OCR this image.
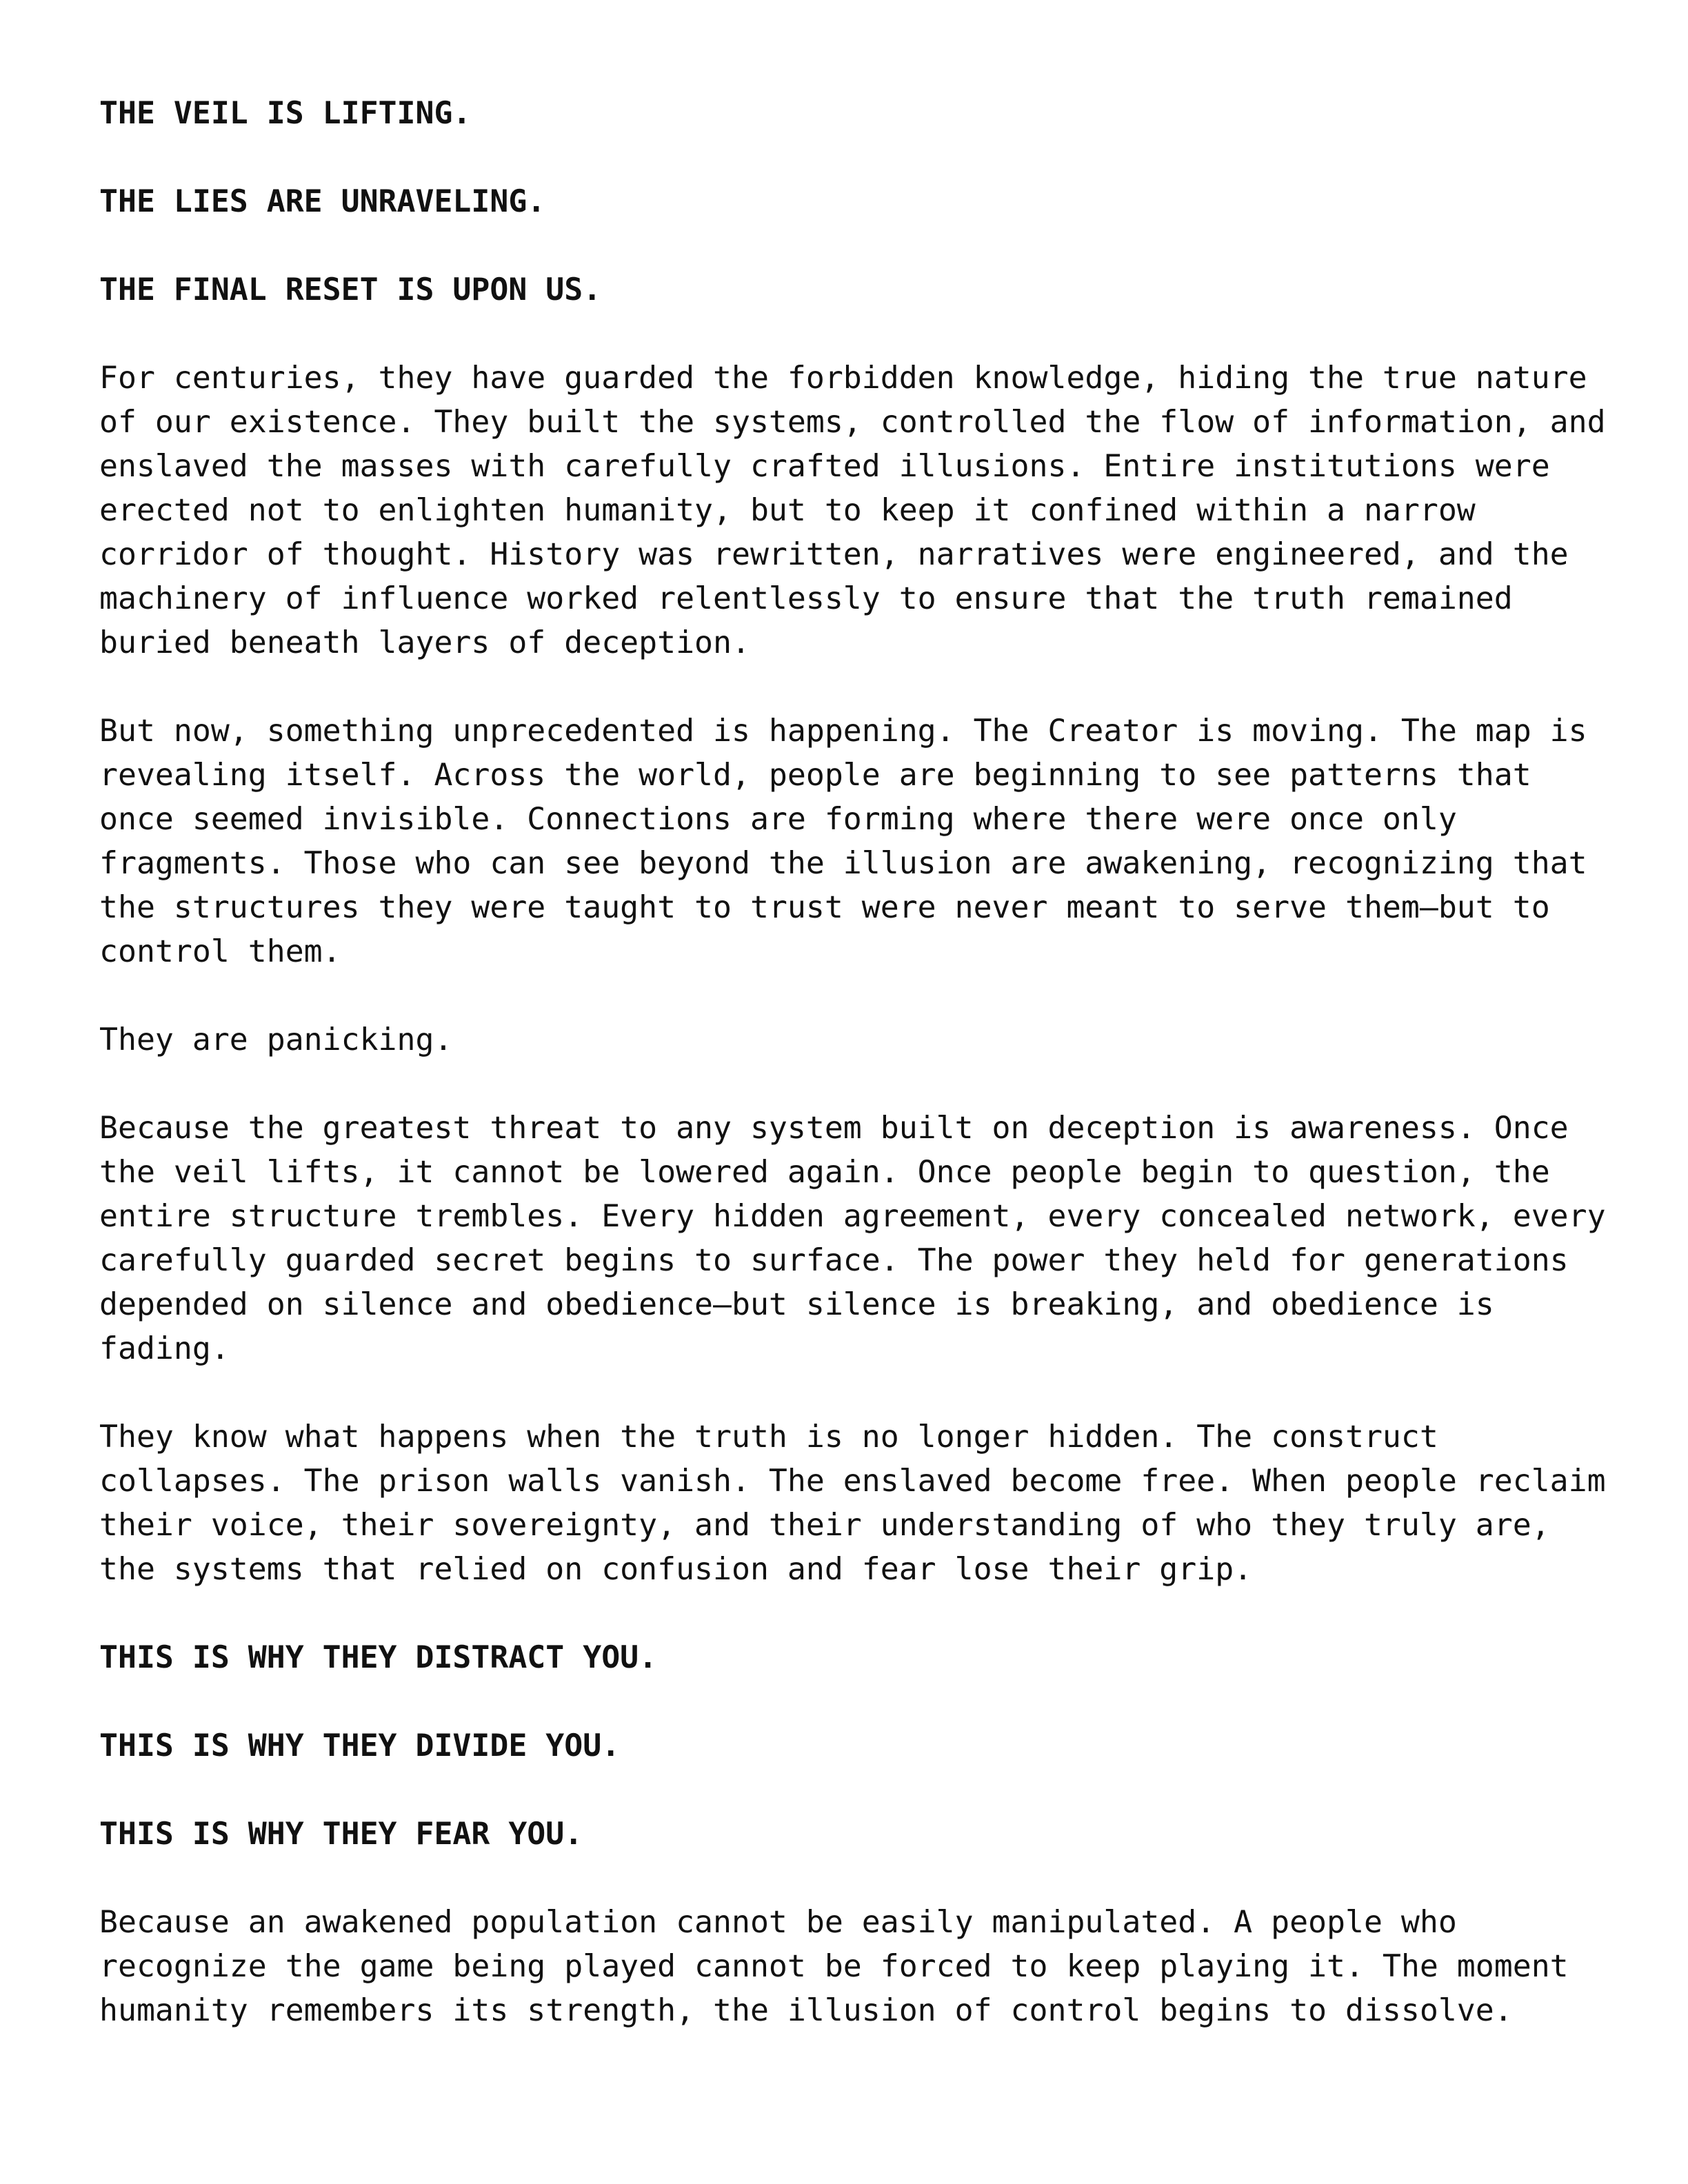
THE VEIL IS LIFTING.
THE LIES ARE UNRAVELING.
THE FINAL RESET IS UPON US.
For centuries, they have guarded the forbidden knowledge, hiding the true nature
of our existence. They built the systems, controlled the flow of information, and
enslaved the masses with carefully crafted illusions. Entire institutions were
erected not to enlighten humanity, but to keep it confined within a narrow
corridor of thought. History was rewritten, narratives were engineered, and the
machinery of influence worked relentlessly to ensure that the truth remained
buried beneath layers of deception.
But now, something unprecedented is happening. The Creator is moving. The map is
revealing itself. Across the world, people are beginning to see patterns that
once seemed invisible. Connections are forming where there were once only
fragments. Those who can see beyond the illusion are awakening, recognizing that
the structures they were taught to trust were never meant to serve them—but to
control them.
They are panicking.
Because the greatest threat to any system built on deception is awareness. Once
the veil lifts, it cannot be lowered again. Once people begin to question, the
entire structure trembles. Every hidden agreement, every concealed network, every
carefully guarded secret begins to surface. The power they held for generations
depended on silence and obedience—but silence is breaking, and obedience is
fading.
They know what happens when the truth is no longer hidden. The construct
collapses. The prison walls vanish. The enslaved become free. When people reclaim
their voice, their sovereignty, and their understanding of who they truly are,
the systems that relied on confusion and fear lose their grip.
THIS IS WHY THEY DISTRACT YOU.
THIS IS WHY THEY DIVIDE YOU.
THIS IS WHY THEY FEAR YOU.
Because an awakened population cannot be easily manipulated. A people who
recognize the game being played cannot be forced to keep playing it. The moment
humanity remembers its strength, the illusion of control begins to dissolve.
